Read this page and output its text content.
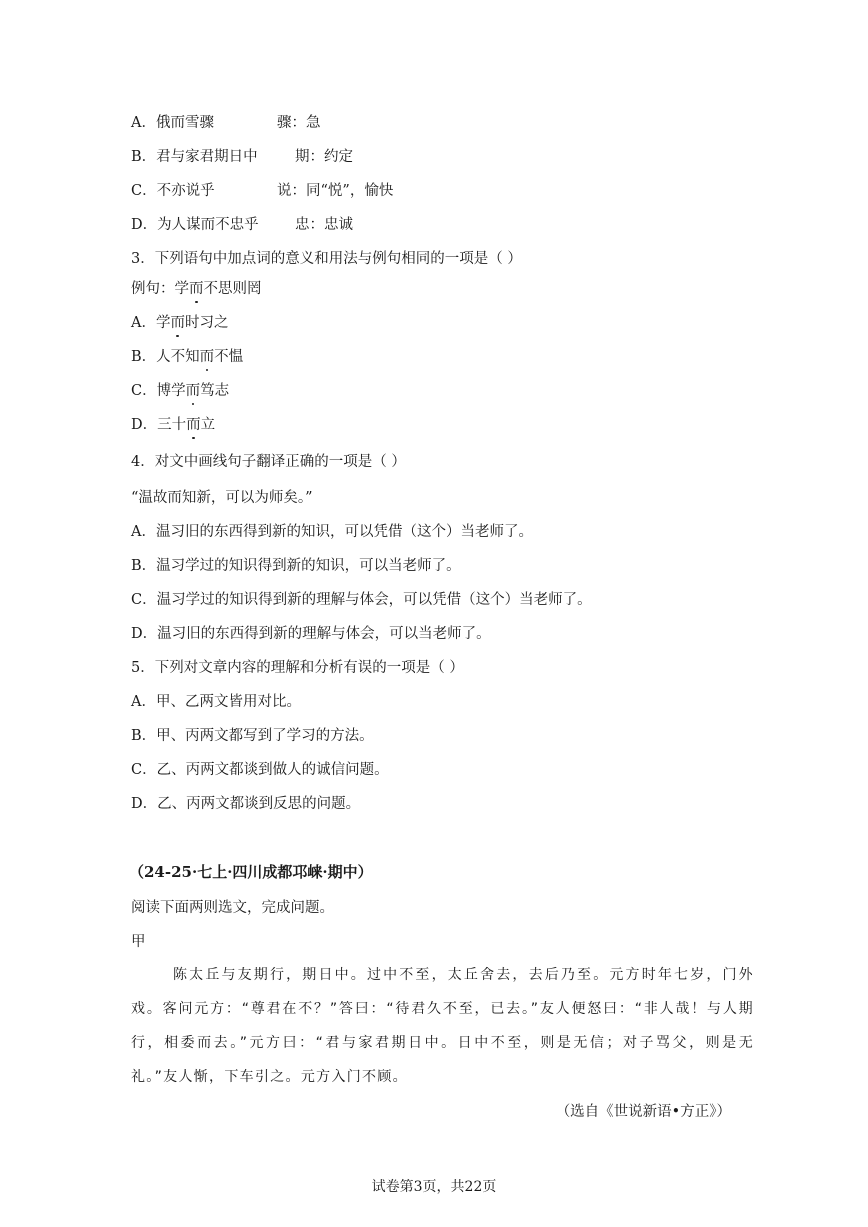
A．俄而雪骤	骤：急
B．君与家君期日中	期：约定
C．不亦说乎	说：同“悦”，愉快
D．为人谋而不忠乎	忠：忠诚
3．下列语句中加点词的意义和用法与例句相同的一项是（ ）
例句：学而不思则罔
A．学而时习之
B．人不知而不愠
C．博学而笃志
D．三十而立
4．对文中画线句子翻译正确的一项是（ ）
“温故而知新，可以为师矣。”
A．温习旧的东西得到新的知识，可以凭借（这个）当老师了。
B．温习学过的知识得到新的知识，可以当老师了。
C．温习学过的知识得到新的理解与体会，可以凭借（这个）当老师了。
D．温习旧的东西得到新的理解与体会，可以当老师了。
5．下列对文章内容的理解和分析有误的一项是（ ）
A．甲、乙两文皆用对比。
B．甲、丙两文都写到了学习的方法。
C．乙、丙两文都谈到做人的诚信问题。
D．乙、丙两文都谈到反思的问题。
（24-25·七上·四川成都邛崃·期中）
阅读下面两则选文，完成问题。
甲
陈太丘与友期行，期日中。过中不至，太丘舍去，去后乃至。元方时年七岁，门外戏。客问元方：“尊君在不？”答曰：“待君久不至，已去。”友人便怒曰：“非人哉！与人期行，相委而去。”元方曰：“君与家君期日中。日中不至，则是无信；对子骂父，则是无礼。”友人惭，下车引之。元方入门不顾。
（选自《世说新语•方正》）
试卷第3页，共22页
